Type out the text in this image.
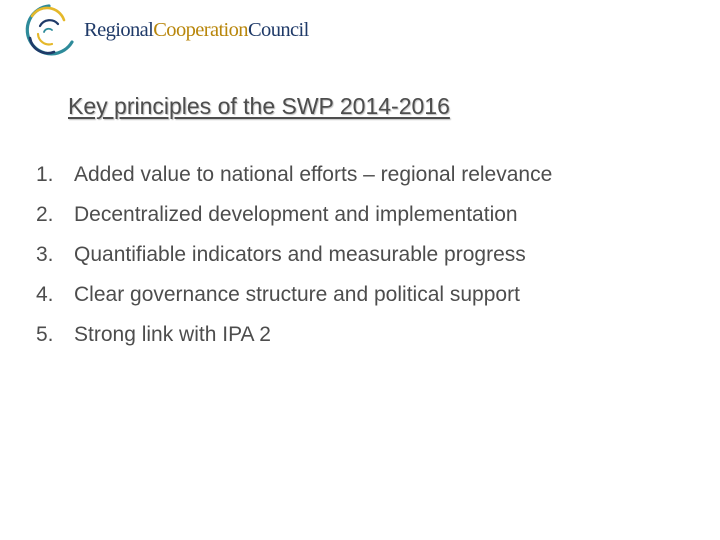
RegionalCooperationCouncil
Key principles of the SWP 2014-2016
1. Added value to national efforts – regional relevance
2. Decentralized development and implementation
3. Quantifiable indicators and measurable progress
4. Clear governance structure and political support
5. Strong link with IPA 2
